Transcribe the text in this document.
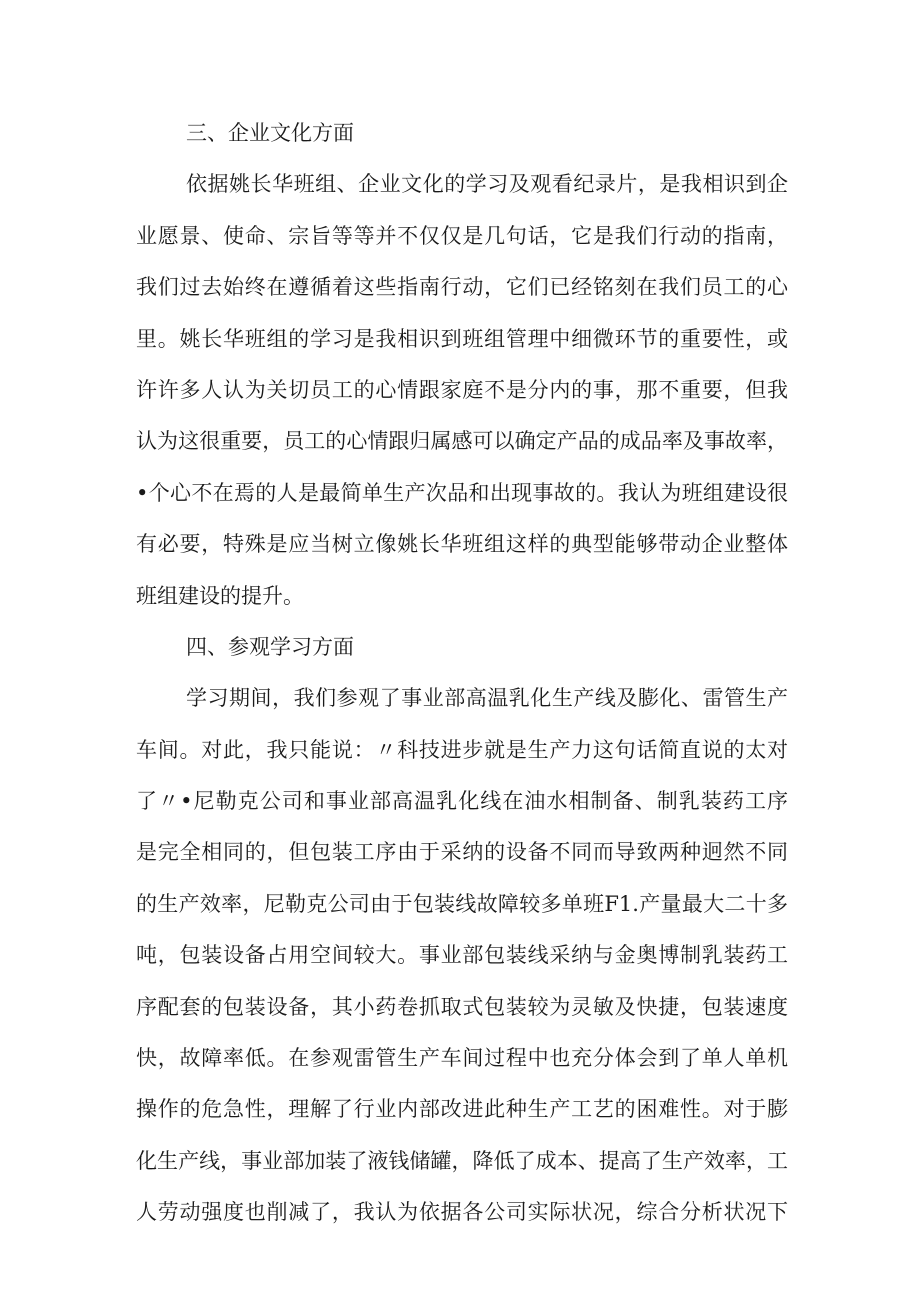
三、企业文化方面
依据姚长华班组、企业文化的学习及观看纪录片，是我相识到企
业愿景、使命、宗旨等等并不仅仅是几句话，它是我们行动的指南，
我们过去始终在遵循着这些指南行动，它们已经铭刻在我们员工的心
里。姚长华班组的学习是我相识到班组管理中细微环节的重要性，或
许许多人认为关切员工的心情跟家庭不是分内的事，那不重要，但我
认为这很重要，员工的心情跟归属感可以确定产品的成品率及事故率，
•个心不在焉的人是最简单生产次品和出现事故的。我认为班组建设很
有必要，特殊是应当树立像姚长华班组这样的典型能够带动企业整体
班组建设的提升。
四、参观学习方面
学习期间，我们参观了事业部高温乳化生产线及膨化、雷管生产
车间。对此，我只能说：〃科技进步就是生产力这句话简直说的太对
了〃•尼勒克公司和事业部高温乳化线在油水相制备、制乳装药工序
是完全相同的，但包装工序由于采纳的设备不同而导致两种迥然不同
的生产效率，尼勒克公司由于包装线故障较多单班F1.产量最大二十多
吨，包装设备占用空间较大。事业部包装线采纳与金奥博制乳装药工
序配套的包装设备，其小药卷抓取式包装较为灵敏及快捷，包装速度
快，故障率低。在参观雷管生产车间过程中也充分体会到了单人单机
操作的危急性，理解了行业内部改进此种生产工艺的困难性。对于膨
化生产线，事业部加装了液钱储罐，降低了成本、提高了生产效率，工
人劳动强度也削减了，我认为依据各公司实际状况，综合分析状况下
